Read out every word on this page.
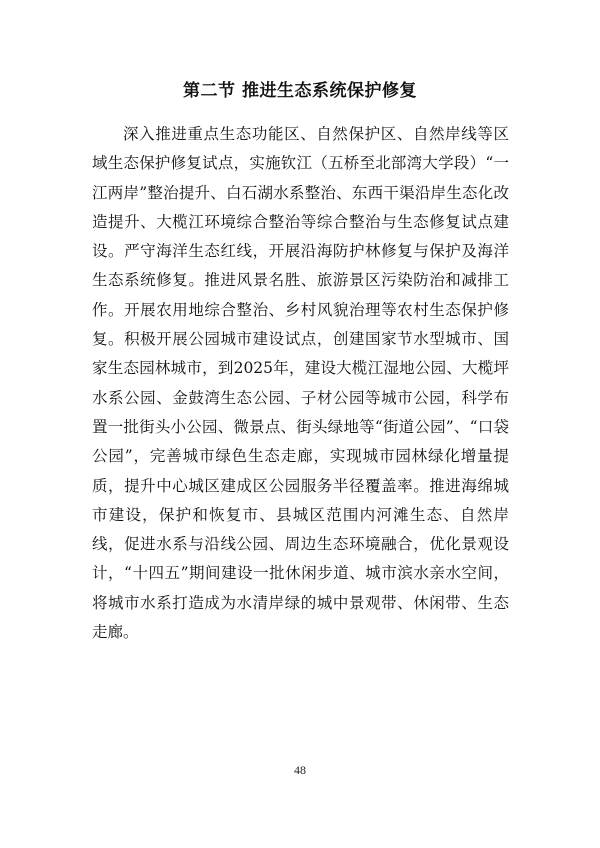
第二节 推进生态系统保护修复

深入推进重点生态功能区、自然保护区、自然岸线等区域生态保护修复试点，实施钦江（五桥至北部湾大学段）“一江两岸”整治提升、白石湖水系整治、东西干渠沿岸生态化改造提升、大榄江环境综合整治等综合整治与生态修复试点建设。严守海洋生态红线，开展沿海防护林修复与保护及海洋生态系统修复。推进风景名胜、旅游景区污染防治和减排工作。开展农用地综合整治、乡村风貌治理等农村生态保护修复。积极开展公园城市建设试点，创建国家节水型城市、国家生态园林城市，到2025年，建设大榄江湿地公园、大榄坪水系公园、金鼓湾生态公园、子材公园等城市公园，科学布置一批街头小公园、微景点、街头绿地等“街道公园”、“口袋公园”，完善城市绿色生态走廊，实现城市园林绿化增量提质，提升中心城区建成区公园服务半径覆盖率。推进海绵城市建设，保护和恢复市、县城区范围内河滩生态、自然岸线，促进水系与沿线公园、周边生态环境融合，优化景观设计，“十四五”期间建设一批休闲步道、城市滨水亲水空间，将城市水系打造成为水清岸绿的城中景观带、休闲带、生态走廊。

48
